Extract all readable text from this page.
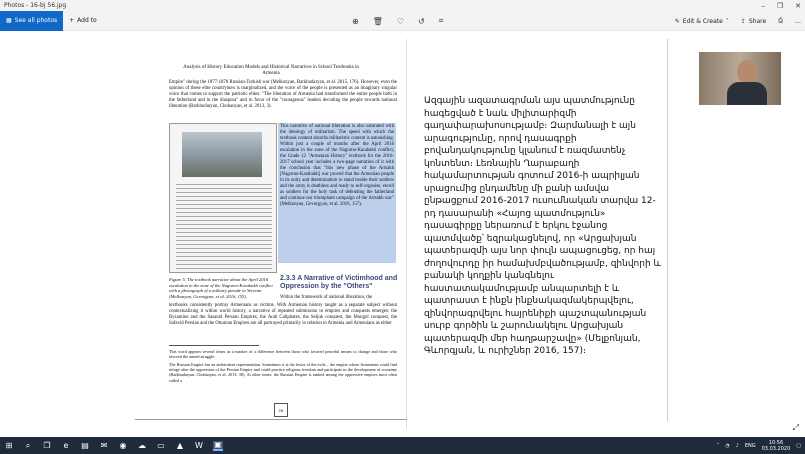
Photos - 16-bj 56.jpg	– ❐ ✕
▦ See all photos + Add to	⊕ 🗑 ♡ ↺ ⌗	✎ Edit & Create ˅ ⇪ Share ⎙ …
Analysis of History Education Models and Historical Narratives in School Textbooks in
Armenia
Empire" during the 1877-1878 Russian-Turkish war (Melkonyan, Barkhudaryan, et al. 2015, 176). However, even the opinion of these elite countrymen is marginalized, and the voice of the people is presented as an imaginary singular voice that comes to support the patriotic elites: "The liberation of Armenia had transformed the entire people both in the fatherland and in the diaspora" and in favor of the "courageous" leaders decoding the people towards national liberation (Barkhudaryan, Chobanyan, et al. 2013, 3).
This narrative of national liberation is also saturated with the ideology of militarism. The speed with which the textbook content absorbs militaristic content is astonishing. Within just a couple of months after the April 2016 escalation in the zone of the Nagorno-Karabakh conflict, the Grade 12 "Armenian History" textbook for the 2016-2017 school year includes a two-page narration of it with the conclusion that "this new phase of the Artsakh [Nagorno-Karabakh] war proved that the Armenian people in its unity and determination to stand beside their soldiers and the army is deathless and ready to self-organise, enroll as soldiers for the holy task of defending the fatherland and continue our triumphant campaign of the Artsakh war" (Melkonyan, Gevorgyan, et al. 2016, 157).
Figure 5. The textbook narrative about the April 2016 escalation in the zone of the Nagorno-Karabakh conflict with a photograph of a military parade in Yerevan (Melkonyan, Gevorgyan, et al. 2016, 155).
2.3.3 A Narrative of Victimhood and Oppression by the "Others"
Within the framework of national liberation, the
textbooks consistently portray Armenians as victims. With Armenian history taught as a separate subject without contextualizing it within world history, a narrative of repeated submission to empires and conquests emerges: the Byzantine and the Sasanid Persian Empires, the Arab Caliphates, the Seljuk conquest, the Mongol conquest, the Safavid Persian and the Ottoman Empires are all portrayed primarily in relation to Armenia and Armenians as either
This word appears several times as a marker of a difference between those who favored peaceful means to change and those who favored the armed struggle.
The Russian Empire has an ambivalent representation. Sometimes it is the lesser of the evils – the empire where Armenians could find refuge after the oppression of the Persian Empire and could practice religious freedom and participate in the development of economy (Barkhudaryan, Chobanyan, et al. 2013, 38). At other times, the Russian Empire is ranked among the oppressive empires most often called a
16
Ազգային ազատագրման այս պատմությունը հագեցված է նաև միլիտարիզմի գաղափարախոսությամբ։ Զարմանալի է այն արագությունը, որով դասագրքի բովանդակությունը կլանում է ռազմատենչ կոնտենտ։ Լեռնային Ղարաբաղի հակամարտության գոտում 2016-ի ապրիլյան սրացումից ընդամենը մի քանի ամսվա ընթացքում 2016-2017 ուսումնական տարվա 12-րդ դասարանի «Հայոց պատմություն» դասագիրքը ներառում է երկու էջանոց պատմվածք՝ եզրակացնելով, որ «Արցախյան պատերազմի այս նոր փուլն ապացուցեց, որ հայ ժողովուրդը իր համախմբվածությամբ, զինվորի և բանակի կողքին կանգնելու հաստատակամությամբ անպարտելի է և պատրաստ է ինքն ինքնակազմակերպվելու, զինվորագրվելու հայրենիքի պաշտպանության սուրբ գործին և շարունակելու Արցախյան պատերազմի մեր հաղթարշավը» (Մելքոնյան, Գևորգյան, և ուրիշներ 2016, 157)։
⤢
⊞	⌕	❐	e	▤ ✉ ◉ ☁ ▭ ▲ W ▣	˄ ◔ ♪ ENG	10:56
03.03.2020 ▢
